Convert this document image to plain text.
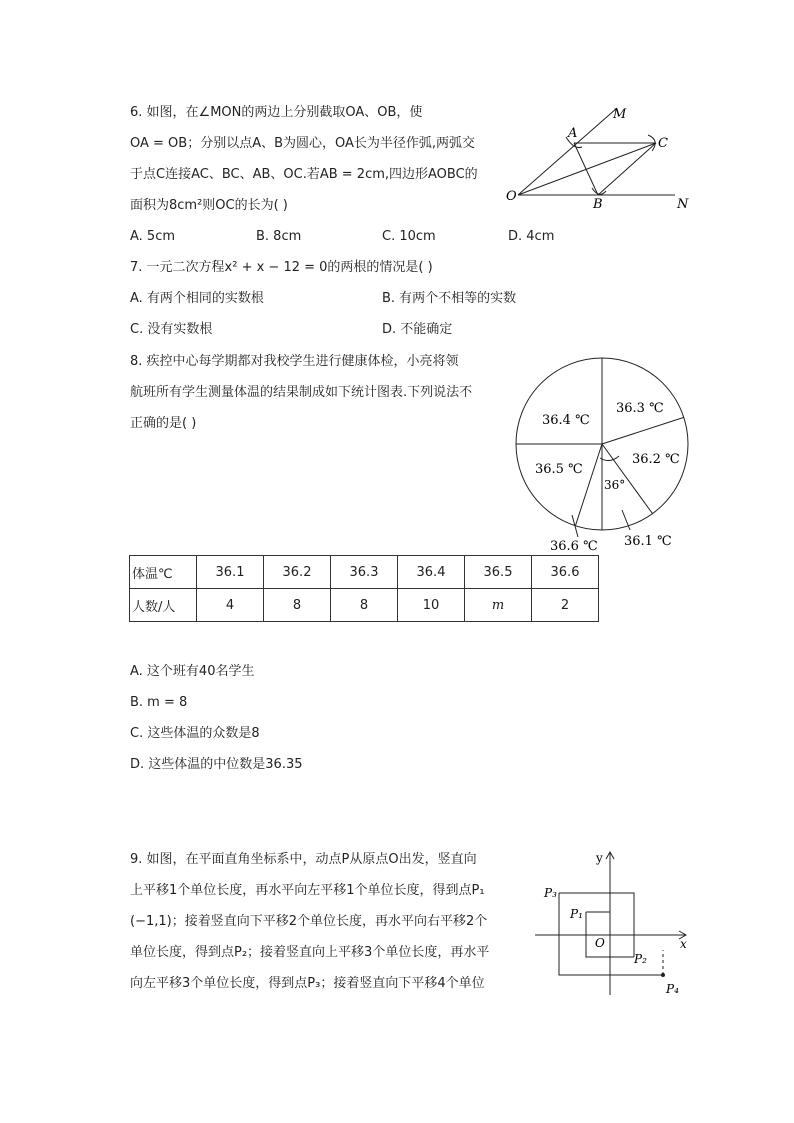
6. 如图，在∠MON的两边上分别截取OA、OB，使
OA = OB；分别以点A、B为圆心，OA长为半径作弧,两弧交
于点C连接AC、BC、AB、OC.若AB = 2cm,四边形AOBC的
面积为8cm²则OC的长为( )
A. 5cm	B. 8cm	C. 10cm	D. 4cm
M
A
C
O
B	N
7. 一元二次方程x² + x − 12 = 0的两根的情况是( )
A. 有两个相同的实数根	B. 有两个不相等的实数
C. 没有实数根	D. 不能确定
8. 疾控中心每学期都对我校学生进行健康体检，小亮将领
航班所有学生测量体温的结果制成如下统计图表.下列说法不
正确的是( )
36°
36.4 ℃
36.3 ℃
36.2 ℃
36.5 ℃
36.6 ℃ 36.1 ℃
体温℃	36.1	36.2	36.3	36.4	36.5	36.6
人数/人	4	8	8	10	m	2
A. 这个班有40名学生
B. m = 8
C. 这些体温的众数是8
D. 这些体温的中位数是36.35
9. 如图，在平面直角坐标系中，动点P从原点O出发，竖直向
上平移1个单位长度，再水平向左平移1个单位长度，得到点P₁
(−1,1)；接着竖直向下平移2个单位长度，再水平向右平移2个
单位长度，得到点P₂；接着竖直向上平移3个单位长度，再水平
向左平移3个单位长度，得到点P₃；接着竖直向下平移4个单位
y
x
O
P₁
P₂
P₃
P₄
